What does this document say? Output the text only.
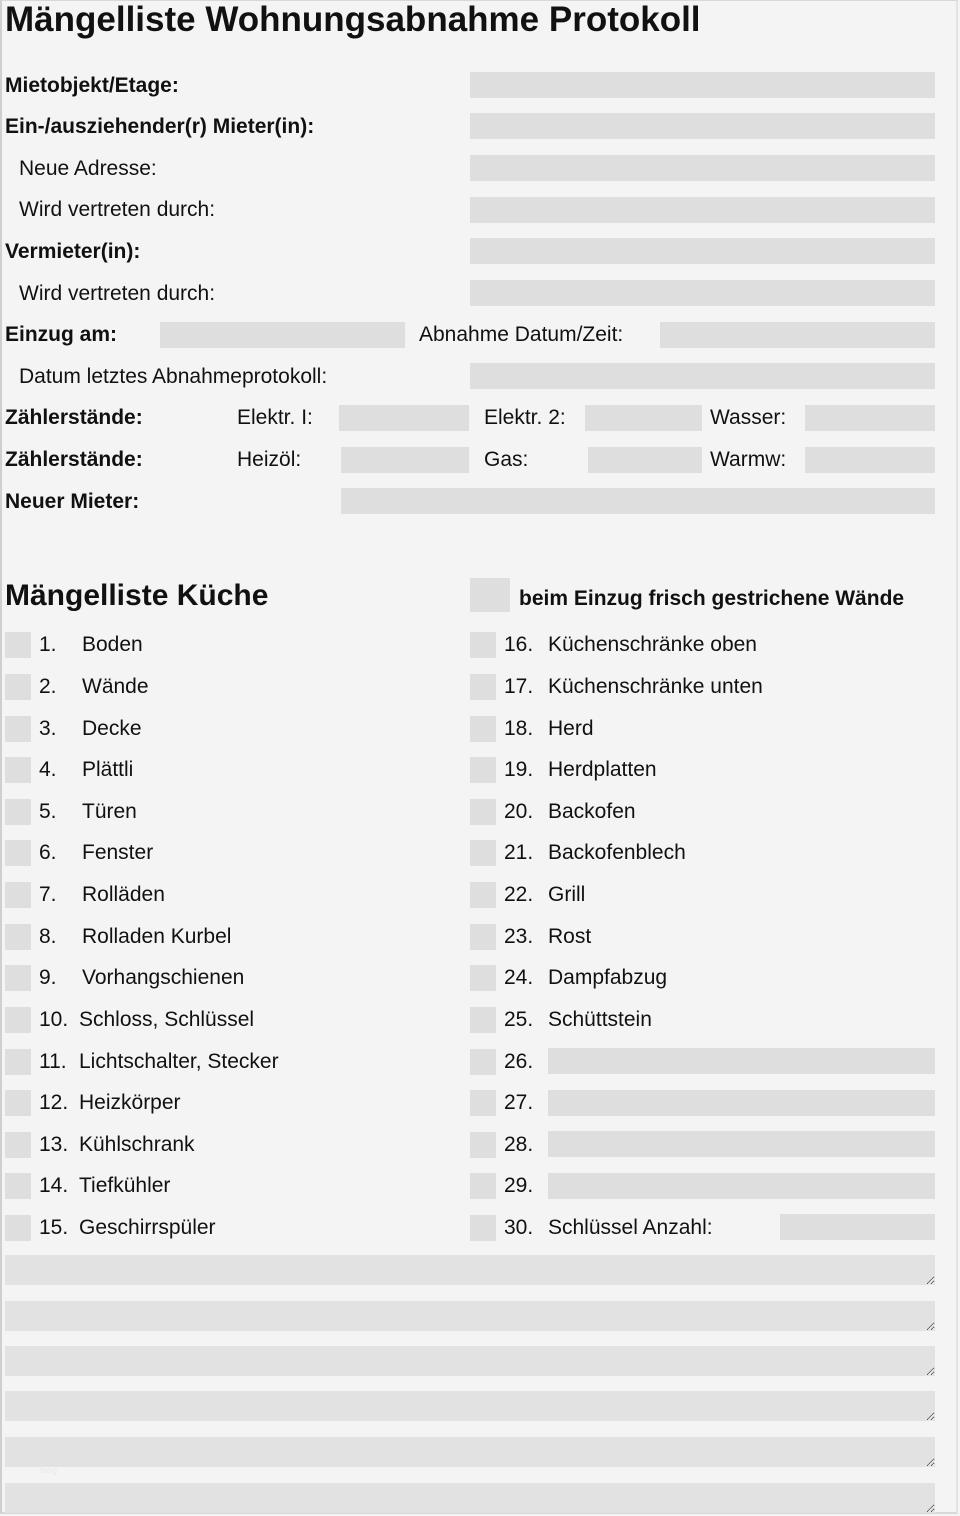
Mängelliste Wohnungsabnahme Protokoll
Mietobjekt/Etage:
Ein-/ausziehender(r) Mieter(in):
Neue Adresse:
Wird vertreten durch:
Vermieter(in):
Wird vertreten durch:
Einzug am:	Abnahme Datum/Zeit:
Datum letztes Abnahmeprotokoll:
Zählerstände:	Elektr. I:	Elektr. 2:	Wasser:
Zählerstände:	Heizöl:	Gas:	Warmw:
Neuer Mieter:
Mängelliste Küche	beim Einzug frisch gestrichene Wände
1. Boden
2. Wände
3. Decke
4. Plättli
5. Türen
6. Fenster
7. Rolläden
8. Rolladen Kurbel
9. Vorhangschienen
10. Schloss, Schlüssel
11. Lichtschalter, Stecker
12. Heizkörper
13. Kühlschrank
14. Tiefkühler
15. Geschirrspüler
16. Küchenschränke oben
17. Küchenschränke unten
18. Herd
19. Herdplatten
20. Backofen
21. Backofenblech
22. Grill
23. Rost
24. Dampfabzug
25. Schüttstein
26.
27.
28.
29.
30. Schlüssel Anzahl:
blog
